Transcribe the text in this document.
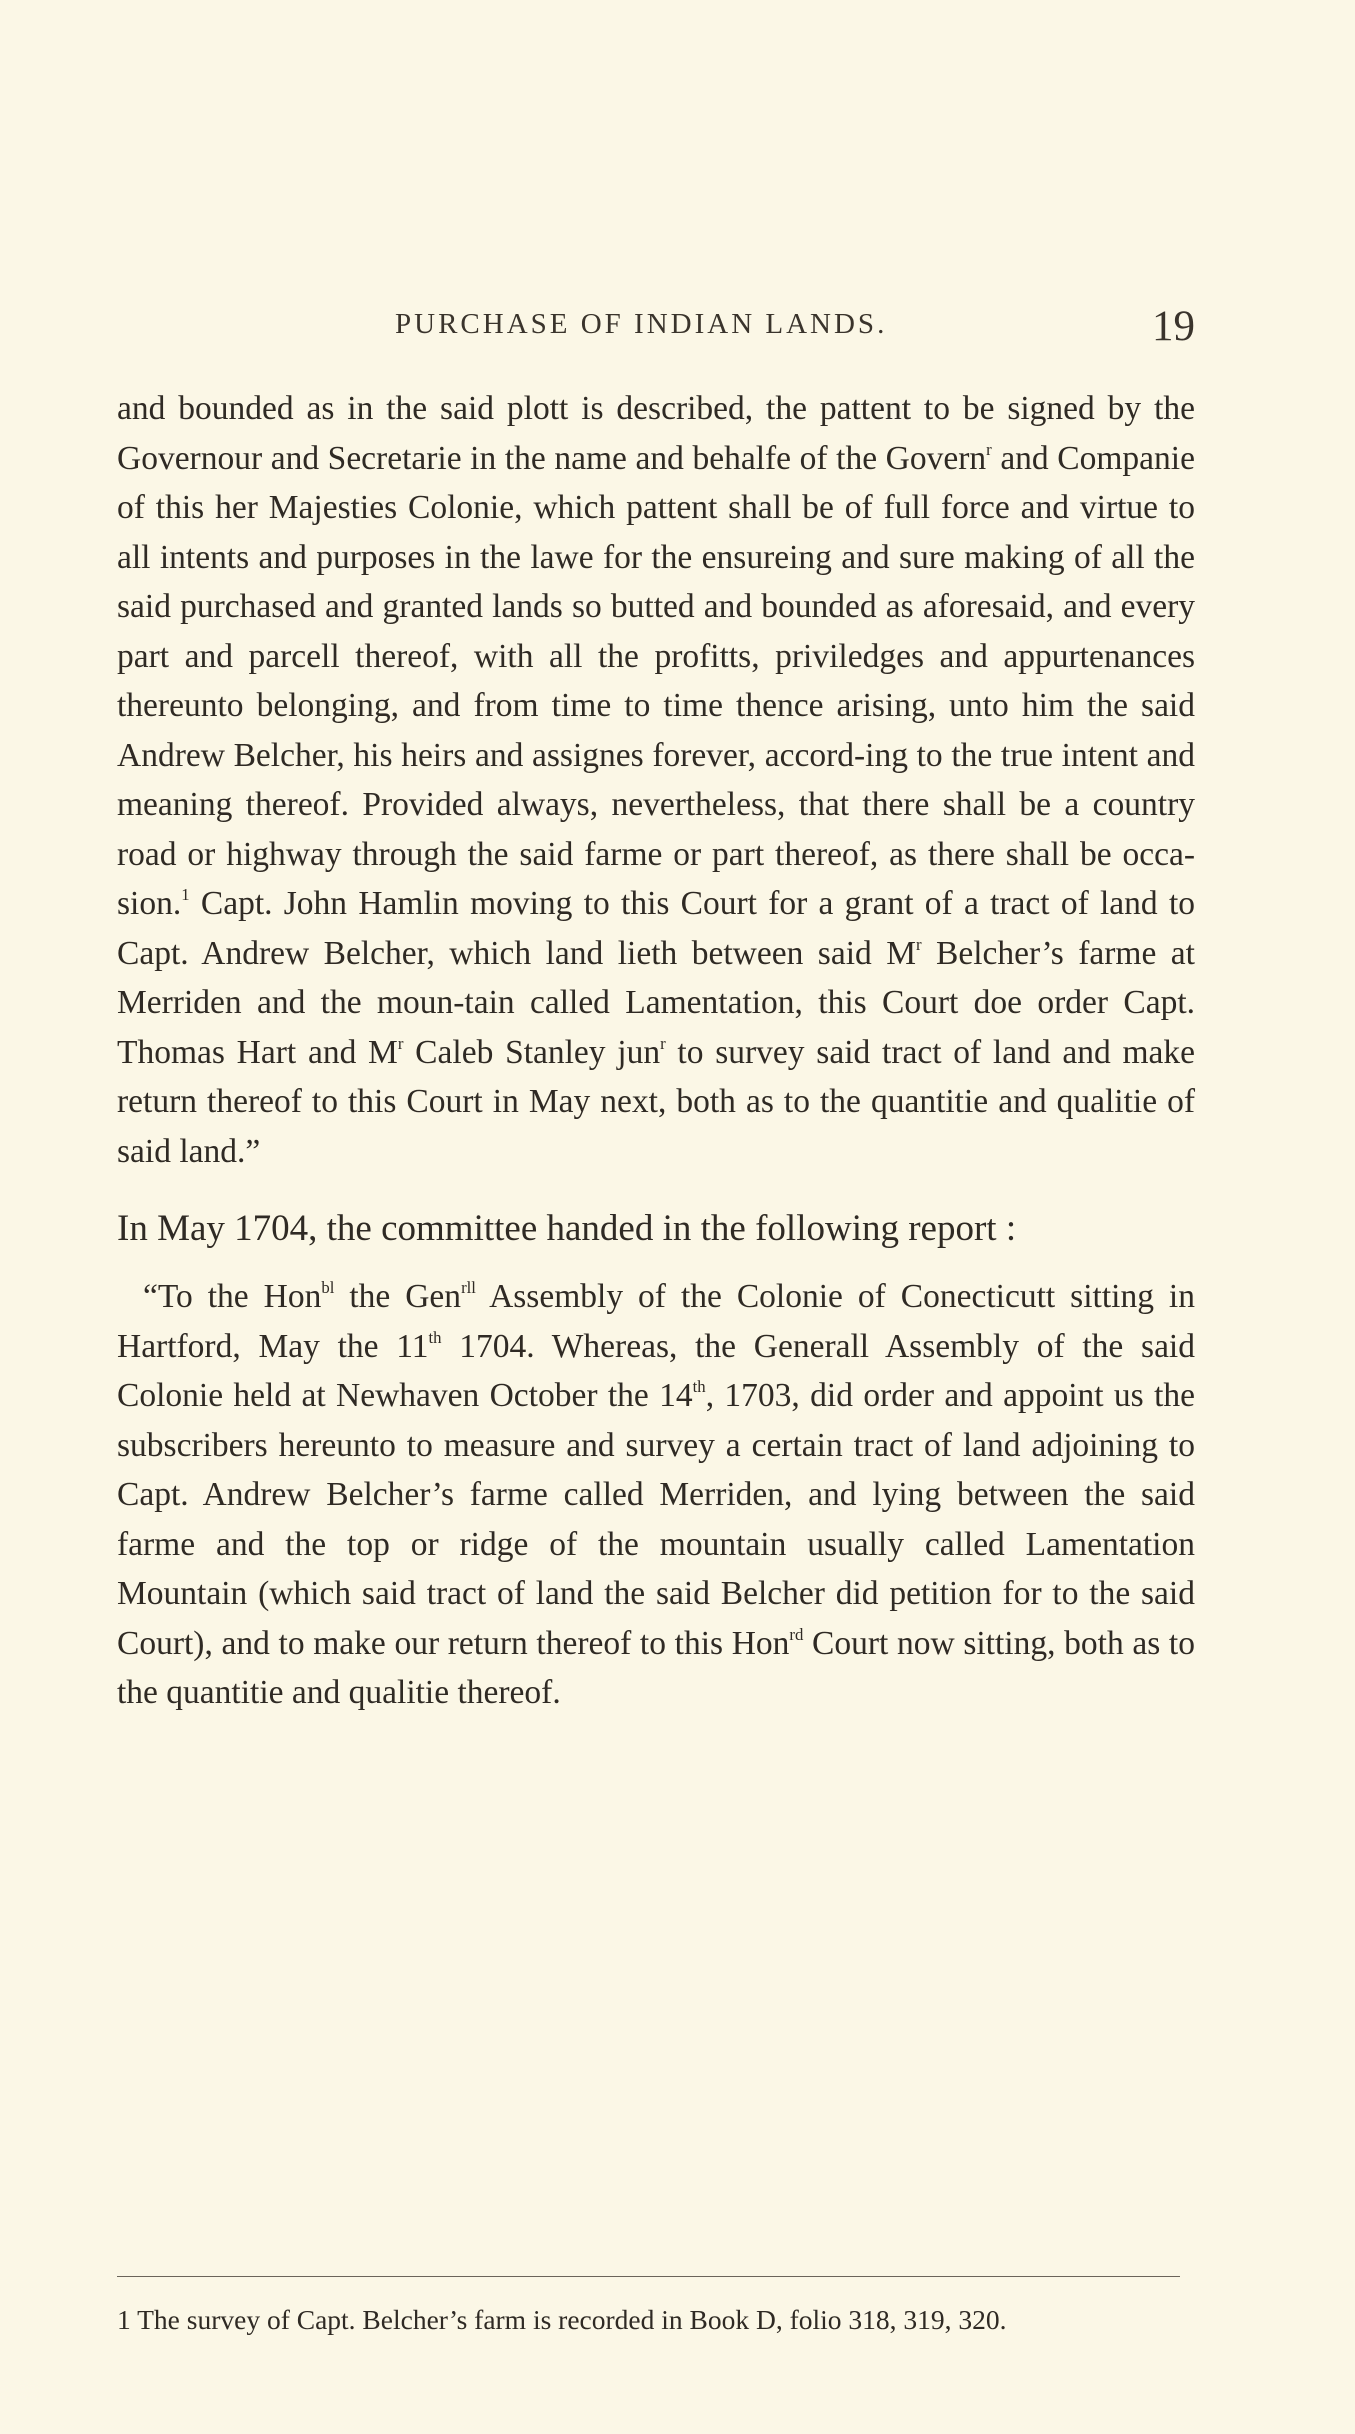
PURCHASE OF INDIAN LANDS.	19

and bounded as in the said plott is described, the pattent to be signed by the Governour and Secretarie in the name and behalfe of the Govern$^r$ and Companie of this her Majesties Colonie, which pattent shall be of full force and virtue to all intents and purposes in the lawe for the ensureing and sure making of all the said purchased and granted lands so butted and bounded as aforesaid, and every part and parcell thereof, with all the profitts, priviledges and appurtenances thereunto belonging, and from time to time thence arising, unto him the said Andrew Belcher, his heirs and assignes forever, accord-ing to the true intent and meaning thereof. Provided always, nevertheless, that there shall be a country road or highway through the said farme or part thereof, as there shall be occa-sion.$^1$ Capt. John Hamlin moving to this Court for a grant of a tract of land to Capt. Andrew Belcher, which land lieth between said $M^r$ Belcher’s farme at Merriden and the moun-tain called Lamentation, this Court doe order Capt. Thomas Hart and $M^r$ Caleb Stanley jun$^r$ to survey said tract of land and make return thereof to this Court in May next, both as to the quantitie and qualitie of said land.”

In May 1704, the committee handed in the following report :

“To the Hon$^{bl}$ the Gen$^{rll}$ Assembly of the Colonie of Conecticutt sitting in Hartford, May the 11th 1704. Whereas, the Generall Assembly of the said Colonie held at Newhaven October the 14th, 1703, did order and appoint us the subscribers hereunto to measure and survey a certain tract of land adjoining to Capt. Andrew Belcher’s farme called Merriden, and lying between the said farme and the top or ridge of the mountain usually called Lamentation Mountain (which said tract of land the said Belcher did petition for to the said Court), and to make our return thereof to this Hon$^{rd}$ Court now sitting, both as to the quantitie and qualitie thereof.

1 The survey of Capt. Belcher’s farm is recorded in Book D, folio 318, 319, 320.
